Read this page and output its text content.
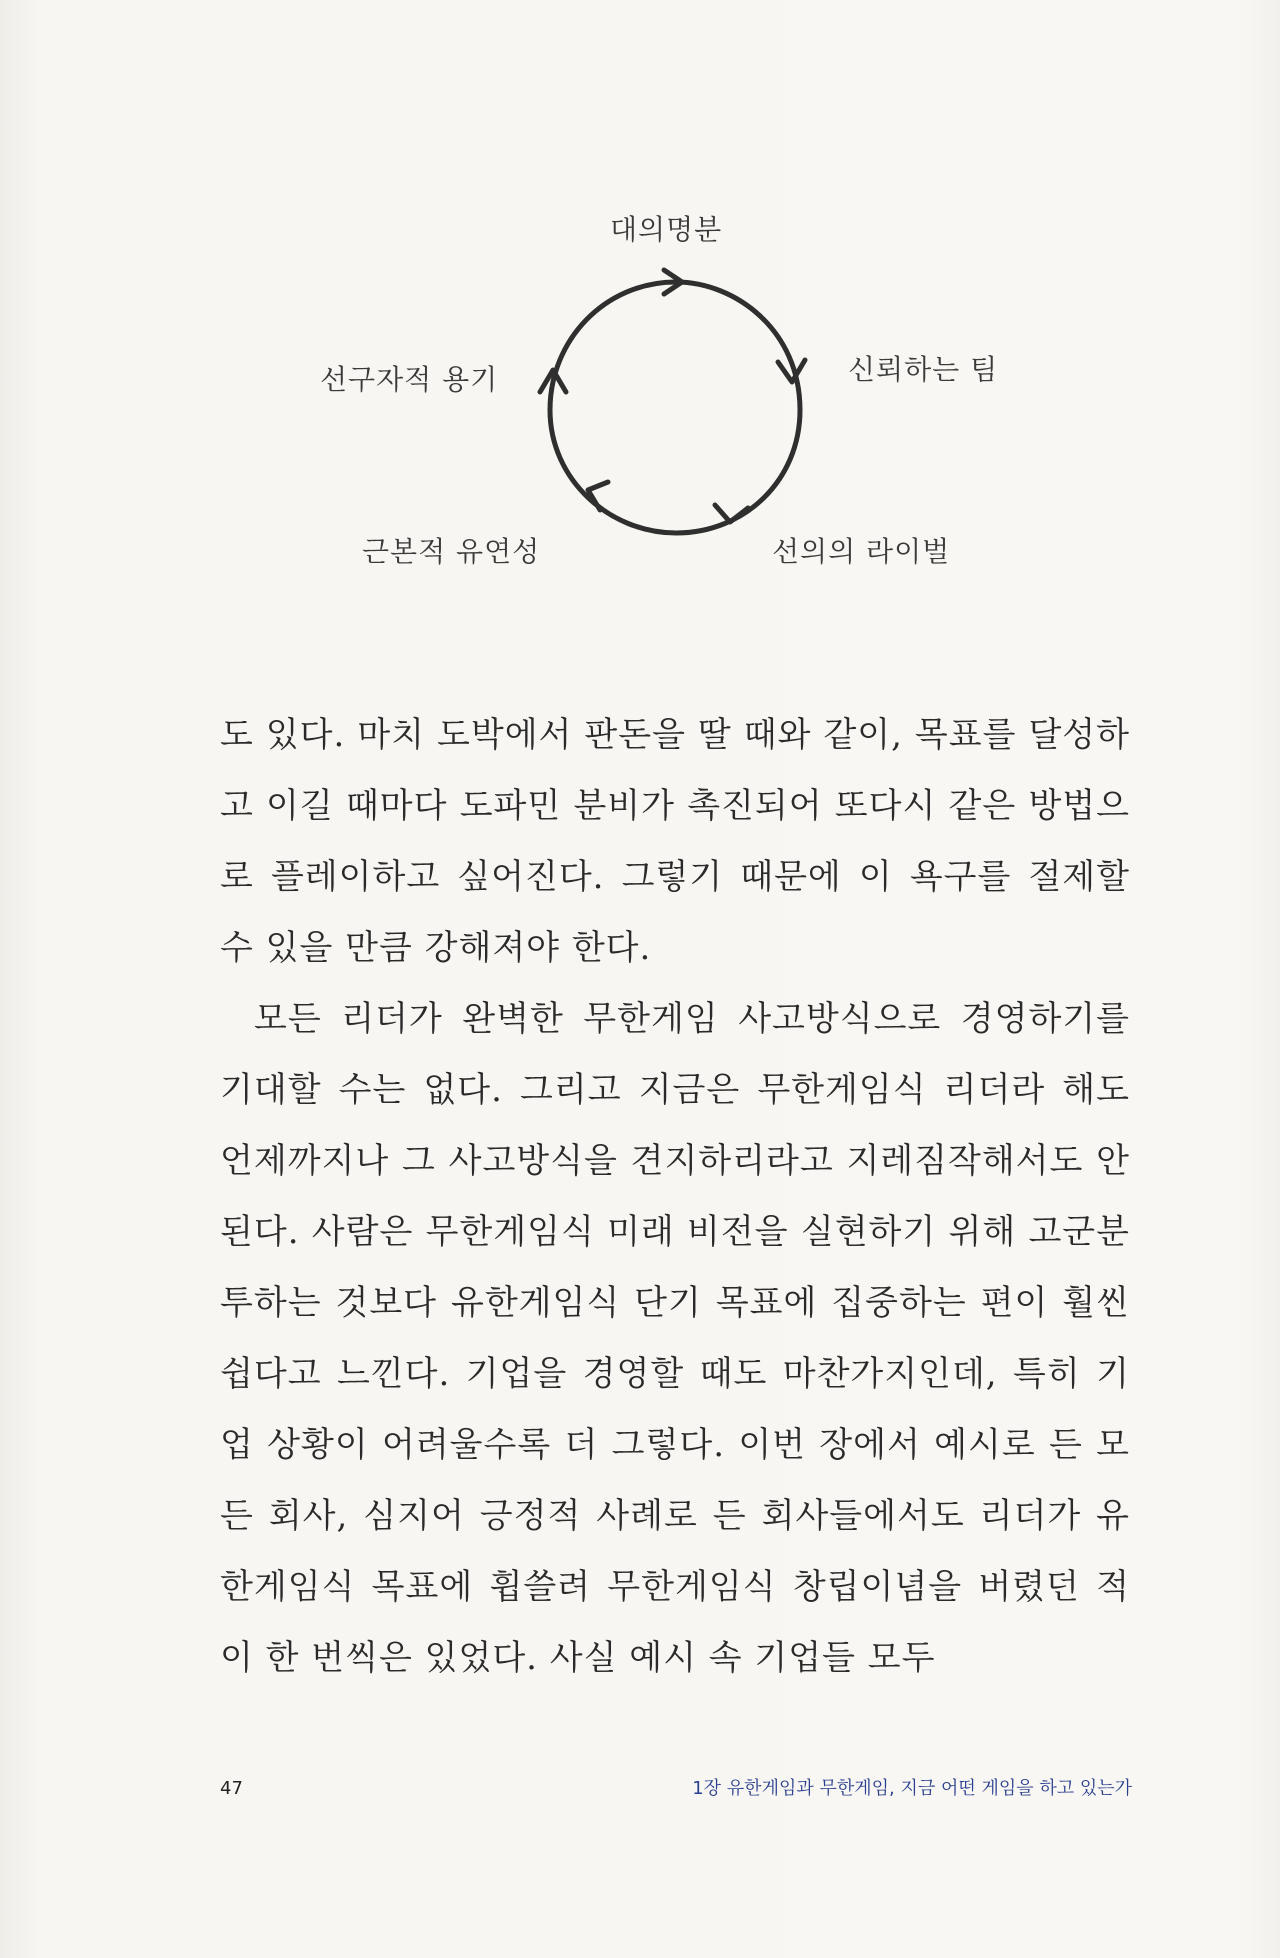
대의명분
신뢰하는 팀
선의의 라이벌
근본적 유연성
선구자적 용기

도 있다. 마치 도박에서 판돈을 딸 때와 같이, 목표를 달성하고 이길 때마다 도파민 분비가 촉진되어 또다시 같은 방법으로 플레이하고 싶어진다. 그렇기 때문에 이 욕구를 절제할 수 있을 만큼 강해져야 한다.

모든 리더가 완벽한 무한게임 사고방식으로 경영하기를 기대할 수는 없다. 그리고 지금은 무한게임식 리더라 해도 언제까지나 그 사고방식을 견지하리라고 지레짐작해서도 안 된다. 사람은 무한게임식 미래 비전을 실현하기 위해 고군분투하는 것보다 유한게임식 단기 목표에 집중하는 편이 훨씬 쉽다고 느낀다. 기업을 경영할 때도 마찬가지인데, 특히 기업 상황이 어려울수록 더 그렇다. 이번 장에서 예시로 든 모든 회사, 심지어 긍정적 사례로 든 회사들에서도 리더가 유한게임식 목표에 휩쓸려 무한게임식 창립이념을 버렸던 적이 한 번씩은 있었다. 사실 예시 속 기업들 모두

47	1장 유한게임과 무한게임, 지금 어떤 게임을 하고 있는가
